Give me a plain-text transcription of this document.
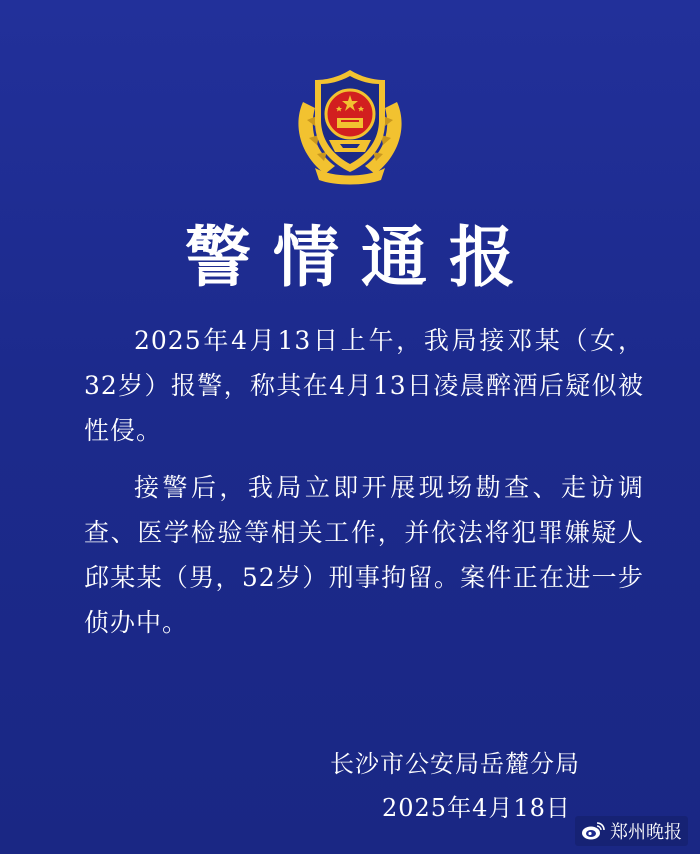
警情通报

2025年4月13日上午，我局接邓某（女，32岁）报警，称其在4月13日凌晨醉酒后疑似被性侵。

接警后，我局立即开展现场勘查、走访调查、医学检验等相关工作，并依法将犯罪嫌疑人邱某某（男，52岁）刑事拘留。案件正在进一步侦办中。

长沙市公安局岳麓分局
2025年4月18日
郑州晚报
